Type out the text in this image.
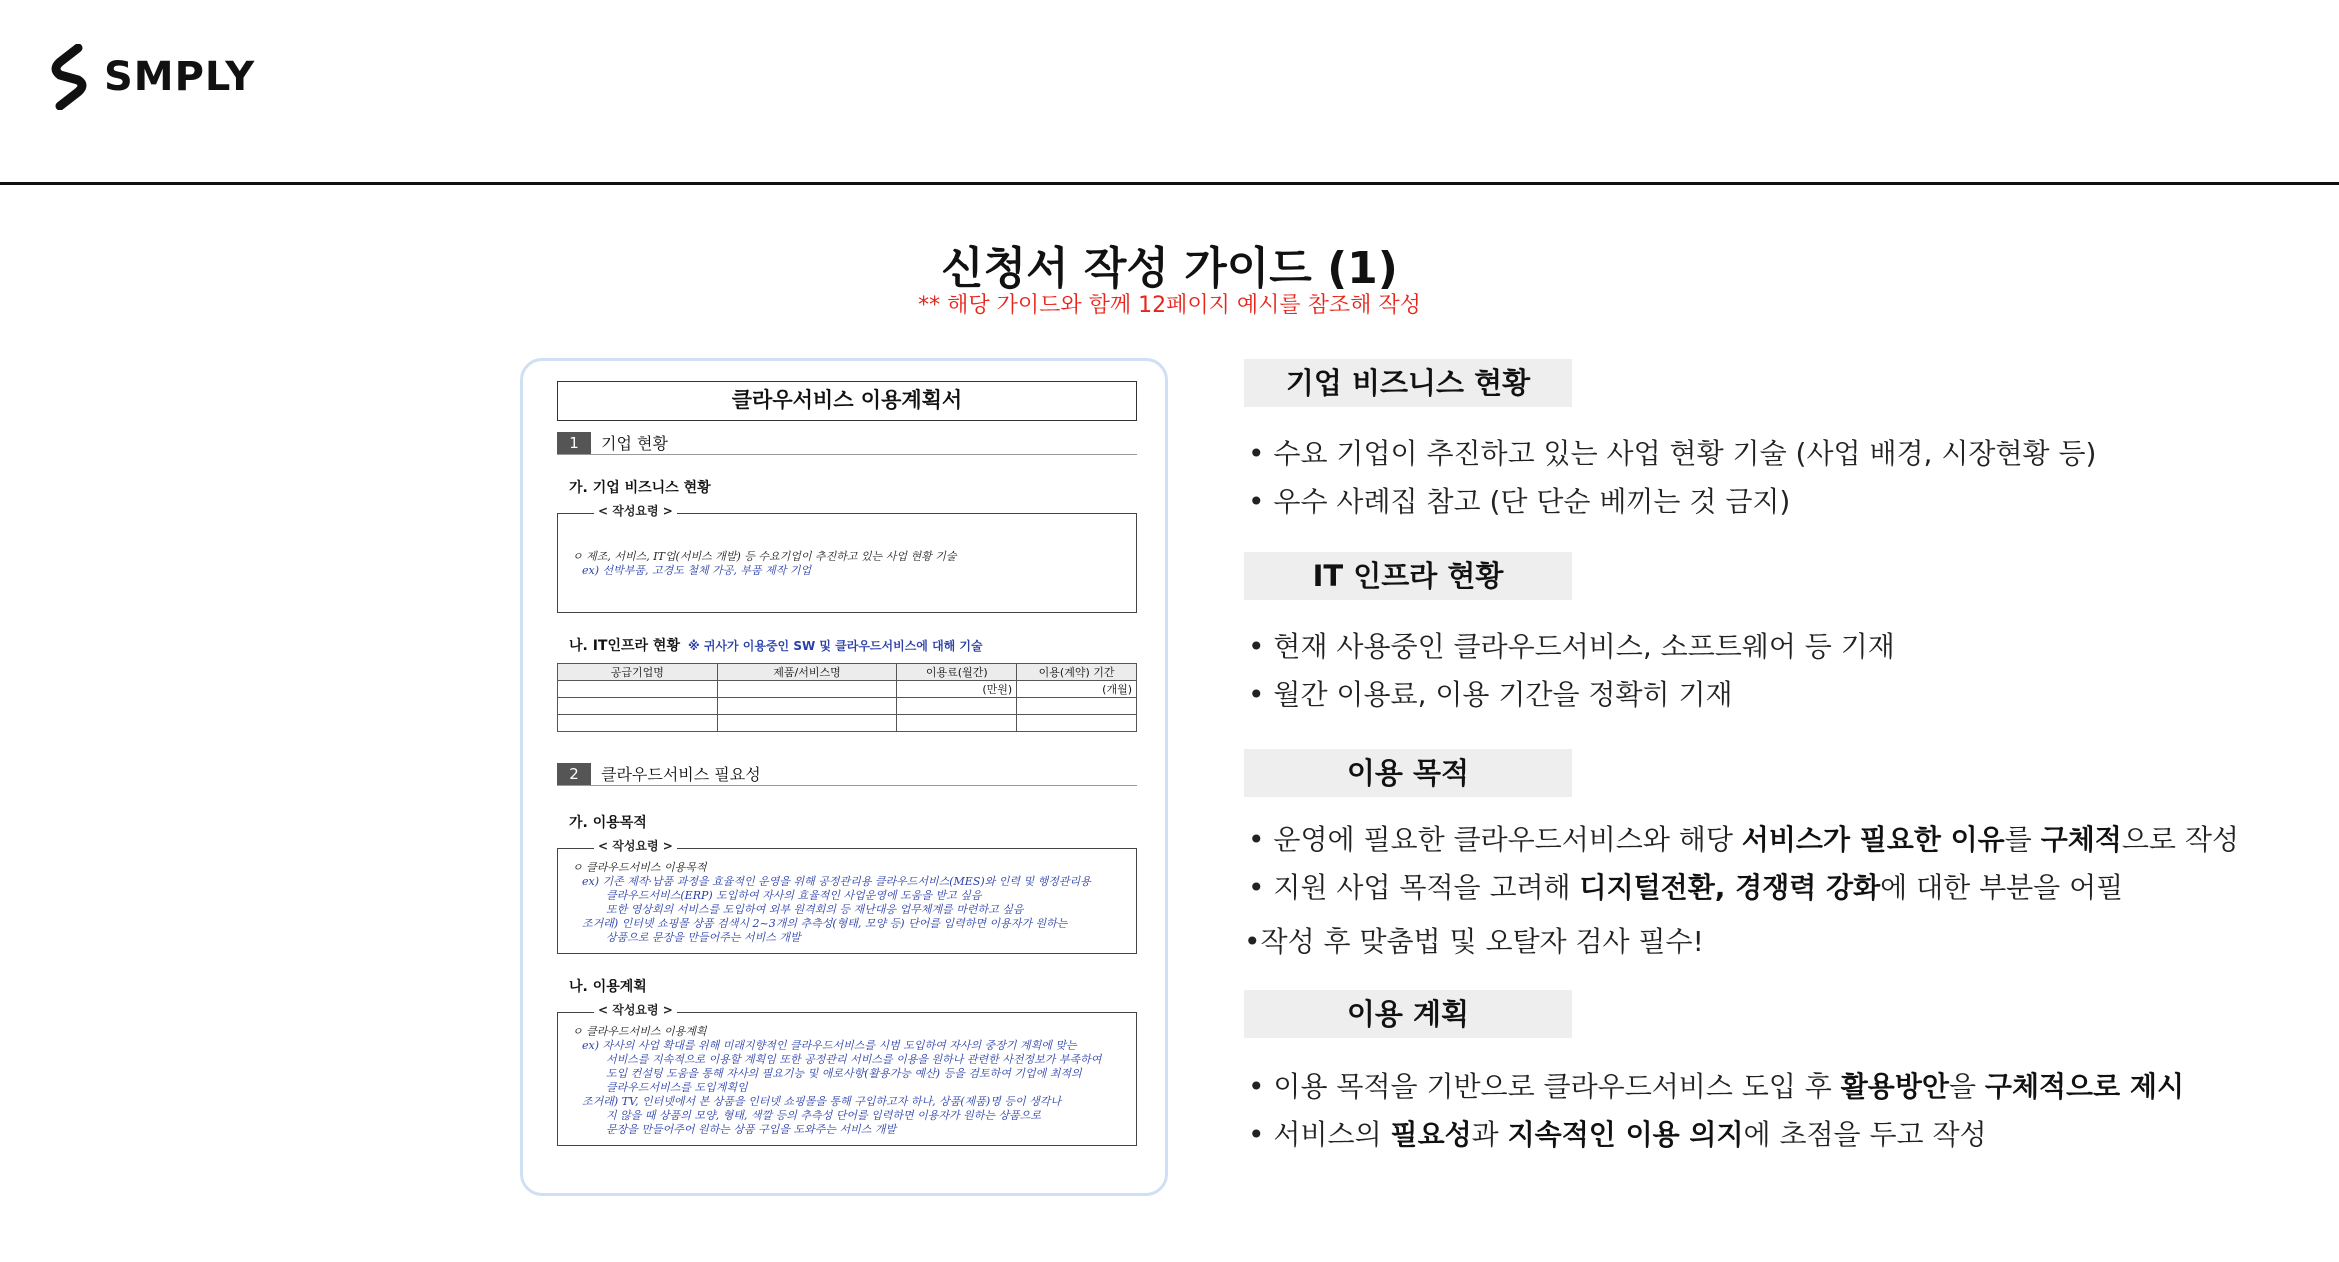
SMPLY
신청서 작성 가이드 (1)
** 해당 가이드와 함께 12페이지 예시를 참조해 작성
클라우서비스 이용계획서
1	기업 현황
가. 기업 비즈니스 현황
< 작성요령 >
ㅇ 제조, 서비스, IT업(서비스 개발) 등 수요기업이 추진하고 있는 사업 현황 기술
ex) 선박부품, 고경도 철체 가공, 부품 제작 기업
나. IT인프라 현황 ※ 귀사가 이용중인 SW 및 클라우드서비스에 대해 기술
공급기업명	제품/서비스명	이용료(월간)	이용(계약) 기간
		(만원)	(개월)

2	클라우드서비스 필요성
가. 이용목적
< 작성요령 >
ㅇ 클라우드서비스 이용목적
ex) 기존 제작·납품 과정을 효율적인 운영을 위해 공정관리용 클라우드서비스(MES)와 인력 및 행정관리용
클라우드서비스(ERP) 도입하여 자사의 효율적인 사업운영에 도움을 받고 싶음
또한 영상회의 서비스를 도입하여 외부 원격회의 등 재난대응 업무체계를 마련하고 싶음
조거래) 인터넷 쇼핑몰 상품 검색시 2~3개의 추측성(형태, 모양 등) 단어를 입력하면 이용자가 원하는
상품으로 문장을 만들어주는 서비스 개발
나. 이용계획
< 작성요령 >
ㅇ 클라우드서비스 이용계획
ex) 자사의 사업 확대를 위해 미래지향적인 클라우드서비스를 시범 도입하여 자사의 중장기 계획에 맞는
서비스를 지속적으로 이용할 계획임 또한 공정관리 서비스를 이용을 원하나 관련한 사전정보가 부족하여
도입 컨설팅 도움을 통해 자사의 필요기능 및 애로사항(활용가능 예산) 등을 검토하여 기업에 최적의
클라우드서비스를 도입계획임
조거래) TV, 인터넷에서 본 상품을 인터넷 쇼핑몰을 통해 구입하고자 하나, 상품(제품)명 등이 생각나
지 않을 때 상품의 모양, 형태, 색깔 등의 추측성 단어를 입력하면 이용자가 원하는 상품으로
문장을 만들어주어 원하는 상품 구입을 도와주는 서비스 개발
기업 비즈니스 현황
• 수요 기업이 추진하고 있는 사업 현황 기술 (사업 배경, 시장현황 등)
• 우수 사례집 참고 (단 단순 베끼는 것 금지)
IT 인프라 현황
• 현재 사용중인 클라우드서비스, 소프트웨어 등 기재
• 월간 이용료, 이용 기간을 정확히 기재
이용 목적
• 운영에 필요한 클라우드서비스와 해당 서비스가 필요한 이유를 구체적으로 작성
• 지원 사업 목적을 고려해 디지털전환, 경쟁력 강화에 대한 부분을 어필
•작성 후 맞춤법 및 오탈자 검사 필수!
이용 계획
• 이용 목적을 기반으로 클라우드서비스 도입 후 활용방안을 구체적으로 제시
• 서비스의 필요성과 지속적인 이용 의지에 초점을 두고 작성
